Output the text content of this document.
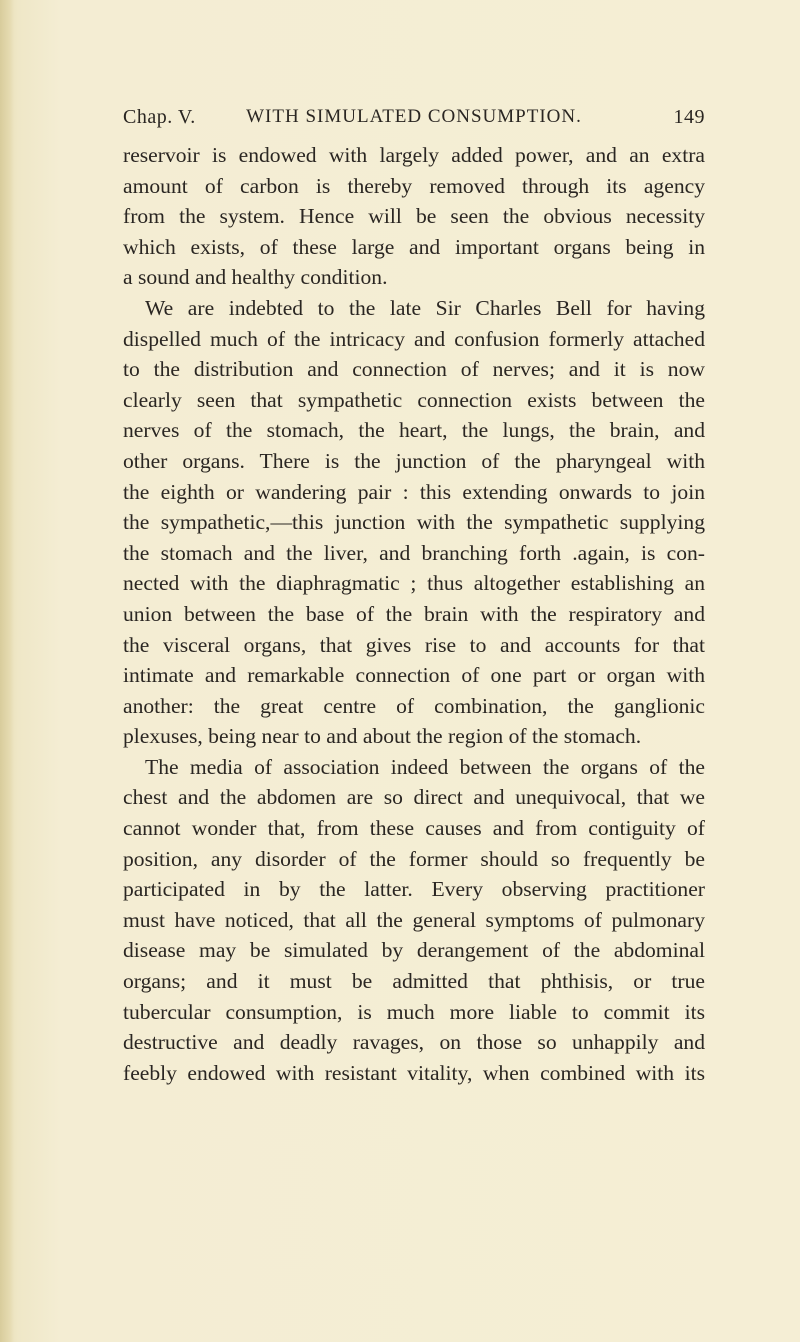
Chap. V.	WITH SIMULATED CONSUMPTION.	149
reservoir is endowed with largely added power, and an extra
amount of carbon is thereby removed through its agency
from the system. Hence will be seen the obvious necessity
which exists, of these large and important organs being in
a sound and healthy condition.
We are indebted to the late Sir Charles Bell for having
dispelled much of the intricacy and confusion formerly attached
to the distribution and connection of nerves; and it is now
clearly seen that sympathetic connection exists between the
nerves of the stomach, the heart, the lungs, the brain, and
other organs. There is the junction of the pharyngeal with
the eighth or wandering pair : this extending onwards to join
the sympathetic,—this junction with the sympathetic supplying
the stomach and the liver, and branching forth .again, is con-
nected with the diaphragmatic ; thus altogether establishing an
union between the base of the brain with the respiratory and
the visceral organs, that gives rise to and accounts for that
intimate and remarkable connection of one part or organ with
another: the great centre of combination, the ganglionic
plexuses, being near to and about the region of the stomach.
The media of association indeed between the organs of the
chest and the abdomen are so direct and unequivocal, that we
cannot wonder that, from these causes and from contiguity of
position, any disorder of the former should so frequently be
participated in by the latter. Every observing practitioner
must have noticed, that all the general symptoms of pulmonary
disease may be simulated by derangement of the abdominal
organs; and it must be admitted that phthisis, or true
tubercular consumption, is much more liable to commit its
destructive and deadly ravages, on those so unhappily and
feebly endowed with resistant vitality, when combined with its
